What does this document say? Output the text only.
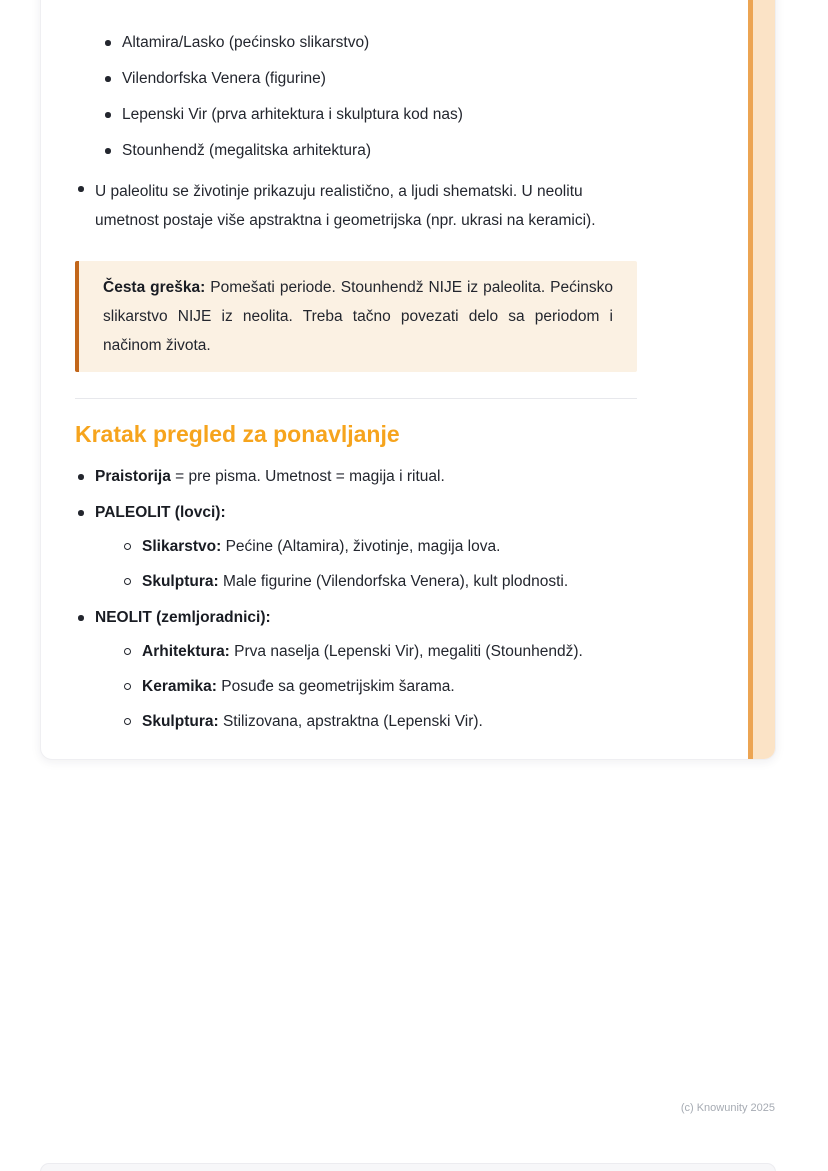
Altamira/Lasko (pećinsko slikarstvo)
Vilendorfska Venera (figurine)
Lepenski Vir (prva arhitektura i skulptura kod nas)
Stounhendž (megalitska arhitektura)
U paleolitu se životinje prikazuju realistično, a ljudi shematski. U neolitu umetnost postaje više apstraktna i geometrijska (npr. ukrasi na keramici).

Česta greška: Pomešati periode. Stounhendž NIJE iz paleolita. Pećinsko slikarstvo NIJE iz neolita. Treba tačno povezati delo sa periodom i načinom života.

Kratak pregled za ponavljanje
Praistorija = pre pisma. Umetnost = magija i ritual.
PALEOLIT (lovci):
Slikarstvo: Pećine (Altamira), životinje, magija lova.
Skulptura: Male figurine (Vilendorfska Venera), kult plodnosti.
NEOLIT (zemljoradnici):
Arhitektura: Prva naselja (Lepenski Vir), megaliti (Stounhendž).
Keramika: Posuđe sa geometrijskim šarama.
Skulptura: Stilizovana, apstraktna (Lepenski Vir).
(c) Knowunity 2025
